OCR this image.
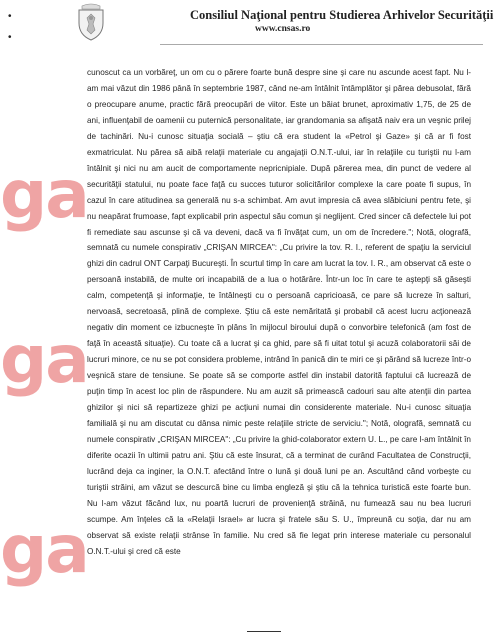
•
•
Consiliul Naţional pentru Studierea Arhivelor Securităţii
www.cnsas.ro
ga
ga
ga

cunoscut ca un vorbăreţ, un om cu o părere foarte bună despre sine şi care nu ascunde acest fapt. Nu l-am mai văzut din 1986 până în septembrie 1987, când ne-am întâlnit întâmplător şi părea debusolat, fără o preocupare anume, practic fără preocupări de viitor. Este un băiat brunet, aproximativ 1,75, de 25 de ani, influenţabil de oamenii cu puternică personalitate, iar grandomania sa afişată naiv era un veşnic prilej de tachinări. Nu-i cunosc situaţia socială – ştiu că era student la «Petrol şi Gaze» şi că ar fi fost exmatriculat. Nu părea să aibă relaţii materiale cu angajaţii O.N.T.-ului, iar în relaţiile cu turiştii nu l-am întâlnit şi nici nu am aucit de comportamente nepricnipiale. După părerea mea, din punct de vedere al securităţii statului, nu poate face faţă cu succes tuturor solicitărilor complexe la care poate fi supus, în cazul în care atitudinea sa generală nu s-a schimbat. Am avut impresia că avea slăbiciuni pentru fete, şi nu neapărat frumoase, fapt explicabil prin aspectul său comun şi neglijent. Cred sincer că defectele lui pot fi remediate sau ascunse şi că va deveni, dacă va fi învăţat cum, un om de încredere."; Notă, olografă, semnată cu numele conspirativ „CRIŞAN MIRCEA": „Cu privire la tov. R. I., referent de spaţiu la serviciul ghizi din cadrul ONT Carpaţi Bucureşti. În scurtul timp în care am lucrat la tov. I. R., am observat că este o persoană instabilă, de multe ori incapabilă de a lua o hotărâre. Într-un loc în care te aştepţi să găseşti calm, competenţă şi informaţie, te întâlneşti cu o persoană capricioasă, ce pare să lucreze în salturi, nervoasă, secretoasă, plină de complexe. Ştiu că este nemăritată şi probabil că acest lucru acţionează negativ din moment ce izbucneşte în plâns în mijlocul biroului după o convorbire telefonică (am fost de faţă în această situaţie). Cu toate că a lucrat şi ca ghid, pare să fi uitat totul şi acuză colaboratorii săi de lucruri minore, ce nu se pot considera probleme, intrând în panică din te miri ce şi părând să lucreze într-o veşnică stare de tensiune. Se poate să se comporte astfel din instabil datorită faptului că lucrează de puţin timp în acest loc plin de răspundere. Nu am auzit să primească cadouri sau alte atenţii din partea ghizilor şi nici să repartizeze ghizi pe acţiuni numai din considerente materiale. Nu-i cunosc situaţia familială şi nu am discutat cu dânsa nimic peste relaţiile stricte de serviciu."; Notă, olografă, semnată cu numele conspirativ „CRIŞAN MIRCEA": „Cu privire la ghid-colaborator extern U. L., pe care l-am întâlnit în diferite ocazii în ultimii patru ani. Ştiu că este însurat, că a terminat de curând Facultatea de Construcţii, lucrând deja ca inginer, la O.N.T. afectând între o lună şi două luni pe an. Ascultând când vorbeşte cu turiştii străini, am văzut se descurcă bine cu limba engleză şi ştiu că la tehnica turistică este foarte bun. Nu l-am văzut făcând lux, nu poartă lucruri de provenienţă străină, nu fumează sau nu bea lucruri scumpe. Am înţeles că la «Relaţii Israel» ar lucra şi fratele său S. U., împreună cu soţia, dar nu am observat să existe relaţii strânse în familie. Nu cred să fie legat prin interese materiale cu personalul O.N.T.-ului şi cred că este
